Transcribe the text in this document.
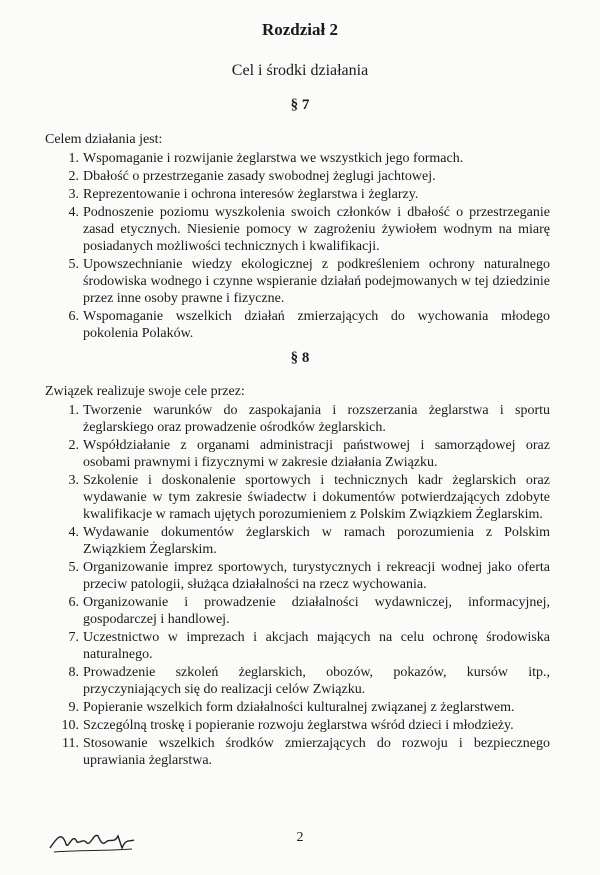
Rozdział 2
Cel i środki działania
§ 7
Celem działania jest:
1. Wspomaganie i rozwijanie żeglarstwa we wszystkich jego formach.
2. Dbałość o przestrzeganie zasady swobodnej żeglugi jachtowej.
3. Reprezentowanie i ochrona interesów żeglarstwa i żeglarzy.
4. Podnoszenie poziomu wyszkolenia swoich członków i dbałość o przestrzeganie zasad etycznych. Niesienie pomocy w zagrożeniu żywiołem wodnym na miarę posiadanych możliwości technicznych i kwalifikacji.
5. Upowszechnianie wiedzy ekologicznej z podkreśleniem ochrony naturalnego środowiska wodnego i czynne wspieranie działań podejmowanych w tej dziedzinie przez inne osoby prawne i fizyczne.
6. Wspomaganie wszelkich działań zmierzających do wychowania młodego pokolenia Polaków.
§ 8
Związek realizuje swoje cele przez:
1. Tworzenie warunków do zaspokajania i rozszerzania żeglarstwa i sportu żeglarskiego oraz prowadzenie ośrodków żeglarskich.
2. Współdziałanie z organami administracji państwowej i samorządowej oraz osobami prawnymi i fizycznymi w zakresie działania Związku.
3. Szkolenie i doskonalenie sportowych i technicznych kadr żeglarskich oraz wydawanie w tym zakresie świadectw i dokumentów potwierdzających zdobyte kwalifikacje w ramach ujętych porozumieniem z Polskim Związkiem Żeglarskim.
4. Wydawanie dokumentów żeglarskich w ramach porozumienia z Polskim Związkiem Żeglarskim.
5. Organizowanie imprez sportowych, turystycznych i rekreacji wodnej jako oferta przeciw patologii, służąca działalności na rzecz wychowania.
6. Organizowanie i prowadzenie działalności wydawniczej, informacyjnej, gospodarczej i handlowej.
7. Uczestnictwo w imprezach i akcjach mających na celu ochronę środowiska naturalnego.
8. Prowadzenie szkoleń żeglarskich, obozów, pokazów, kursów itp., przyczyniających się do realizacji celów Związku.
9. Popieranie wszelkich form działalności kulturalnej związanej z żeglarstwem.
10. Szczególną troskę i popieranie rozwoju żeglarstwa wśród dzieci i młodzieży.
11. Stosowanie wszelkich środków zmierzających do rozwoju i bezpiecznego uprawiania żeglarstwa.
2
